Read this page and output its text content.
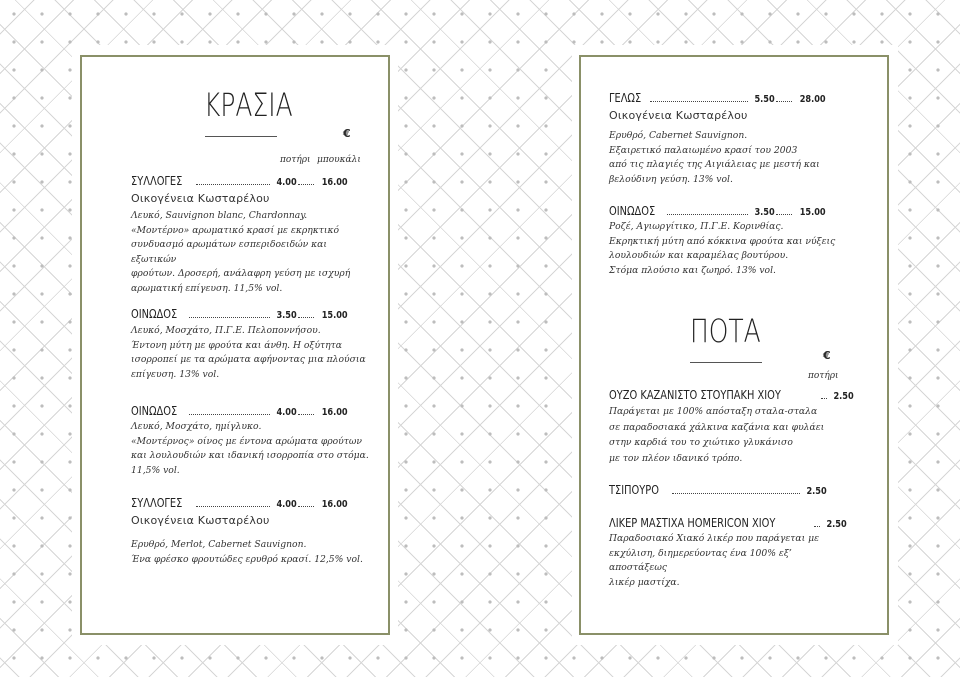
ΚΡΑΣΙΑ
€
ποτήρι μπουκάλι
ΣΥΛΛΟΓΕΣ	4.00	16.00
Οικογένεια Κωσταρέλου
Λευκό, Sauvignon blanc, Chardonnay.
«Μοντέρνο» αρωματικό κρασί με εκρηκτικό
συνδυασμό αρωμάτων εσπεριδοειδών και εξωτικών
φρούτων. Δροσερή, ανάλαφρη γεύση με ισχυρή
αρωματική επίγευση. 11,5% vol.
ΟΙΝΩΔΟΣ	3.50	15.00
Λευκό, Μοσχάτο, Π.Γ.Ε. Πελοποννήσου.
Έντονη μύτη με φρούτα και άνθη. Η οξύτητα
ισορροπεί με τα αρώματα αφήνοντας μια πλούσια
επίγευση. 13% vol.
ΟΙΝΩΔΟΣ	4.00	16.00
Λευκό, Μοσχάτο, ημίγλυκο.
«Μοντέρνος» οίνος με έντονα αρώματα φρούτων
και λουλουδιών και ιδανική ισορροπία στο στόμα.
11,5% vol.
ΣΥΛΛΟΓΕΣ	4.00	16.00
Οικογένεια Κωσταρέλου
Ερυθρό, Merlot, Cabernet Sauvignon.
Ένα φρέσκο φρουτώδες ερυθρό κρασί. 12,5% vol.
ΓΕΛΩΣ	5.50	28.00
Οικογένεια Κωσταρέλου
Ερυθρό, Cabernet Sauvignon.
Εξαιρετικό παλαιωμένο κρασί του 2003
από τις πλαγιές της Αιγιάλειας με μεστή και
βελούδινη γεύση. 13% vol.
ΟΙΝΩΔΟΣ	3.50	15.00
Ροζέ, Αγιωργίτικο, Π.Γ.Ε. Κορινθίας.
Εκρηκτική μύτη από κόκκινα φρούτα και νύξεις
λουλουδιών και καραμέλας βουτύρου.
Στόμα πλούσιο και ζωηρό. 13% vol.
ΠΟΤΑ
€
ποτήρι
ΟΥΖΟ ΚΑΖΑΝΙΣΤΟ ΣΤΟΥΠΑΚΗ ΧΙΟΥ	2.50
Παράγεται με 100% απόσταξη σταλα-σταλα
σε παραδοσιακά χάλκινα καζάνια και φυλάει
στην καρδιά του το χιώτικο γλυκάνισο
με τον πλέον ιδανικό τρόπο.
ΤΣΙΠΟΥΡΟ	2.50
ΛΙΚΕΡ ΜΑΣΤΙΧΑ HOMERICON ΧΙΟΥ	2.50
Παραδοσιακό Χιακό λικέρ που παράγεται με
εκχύλιση, διημερεύοντας ένα 100% εξ’ αποστάξεως
λικέρ μαστίχα.
